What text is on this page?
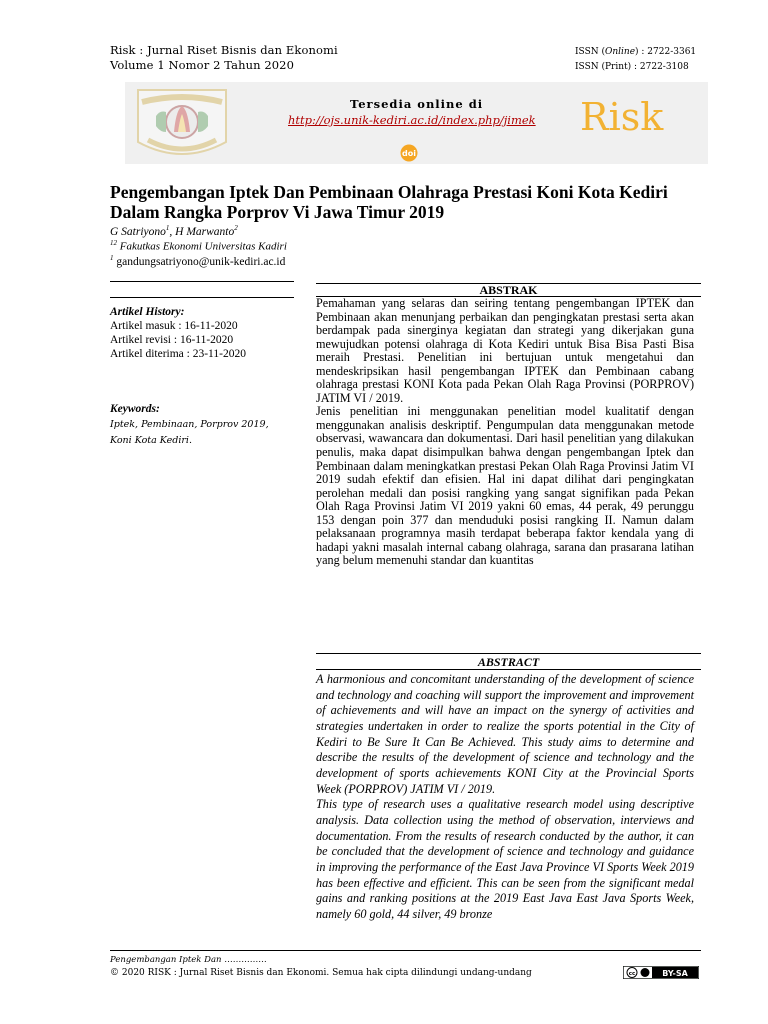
Risk : Jurnal Riset Bisnis dan Ekonomi
Volume 1 Nomor 2 Tahun 2020
ISSN (Online) : 2722-3361
ISSN (Print) : 2722-3108
Tersedia online di
http://ojs.unik-kediri.ac.id/index.php/jimek Risk
doi
Pengembangan Iptek Dan Pembinaan Olahraga Prestasi Koni Kota Kediri Dalam Rangka Porprov Vi Jawa Timur 2019
G Satriyono$^1$, H Marwanto$^2$
$^{12}$ Fakutkas Ekonomi Universitas Kadiri
$^1$ gandungsatriyono@unik-kediri.ac.id
Artikel History:
Artikel masuk : 16-11-2020
Artikel revisi : 16-11-2020
Artikel diterima : 23-11-2020
Keywords:
Iptek, Pembinaan, Porprov 2019,
Koni Kota Kediri.
ABSTRAK

Pemahaman yang selaras dan seiring tentang pengembangan IPTEK dan Pembinaan akan menunjang perbaikan dan pengingkatan prestasi serta akan berdampak pada sinerginya kegiatan dan strategi yang dikerjakan guna mewujudkan potensi olahraga di Kota Kediri untuk Bisa Bisa Pasti Bisa meraih Prestasi. Penelitian ini bertujuan untuk mengetahui dan mendeskripsikan hasil pengembangan IPTEK dan Pembinaan cabang olahraga prestasi KONI Kota pada Pekan Olah Raga Provinsi (PORPROV) JATIM VI / 2019.

Jenis penelitian ini menggunakan penelitian model kualitatif dengan menggunakan analisis deskriptif. Pengumpulan data menggunakan metode observasi, wawancara dan dokumentasi. Dari hasil penelitian yang dilakukan penulis, maka dapat disimpulkan bahwa dengan pengembangan Iptek dan Pembinaan dalam meningkatkan prestasi Pekan Olah Raga Provinsi Jatim VI 2019 sudah efektif dan efisien. Hal ini dapat dilihat dari pengingkatan perolehan medali dan posisi rangking yang sangat signifikan pada Pekan Olah Raga Provinsi Jatim VI 2019 yakni 60 emas, 44 perak, 49 perunggu 153 dengan poin 377 dan menduduki posisi rangking II. Namun dalam pelaksanaan programnya masih terdapat beberapa faktor kendala yang di hadapi yakni masalah internal cabang olahraga, sarana dan prasarana latihan yang belum memenuhi standar dan kuantitas

ABSTRACT

A harmonious and concomitant understanding of the development of science and technology and coaching will support the improvement and improvement of achievements and will have an impact on the synergy of activities and strategies undertaken in order to realize the sports potential in the City of Kediri to Be Sure It Can Be Achieved. This study aims to determine and describe the results of the development of science and technology and the development of sports achievements KONI City at the Provincial Sports Week (PORPROV) JATIM VI / 2019.

This type of research uses a qualitative research model using descriptive analysis. Data collection using the method of observation, interviews and documentation. From the results of research conducted by the author, it can be concluded that the development of science and technology and guidance in improving the performance of the East Java Province VI Sports Week 2019 has been effective and efficient. This can be seen from the significant medal gains and ranking positions at the 2019 East Java East Java Sports Week, namely 60 gold, 44 silver, 49 bronze

Pengembangan Iptek Dan ……………
© 2020 RISK : Jurnal Riset Bisnis dan Ekonomi. Semua hak cipta dilindungi undang-undang	cc	BY-SA
